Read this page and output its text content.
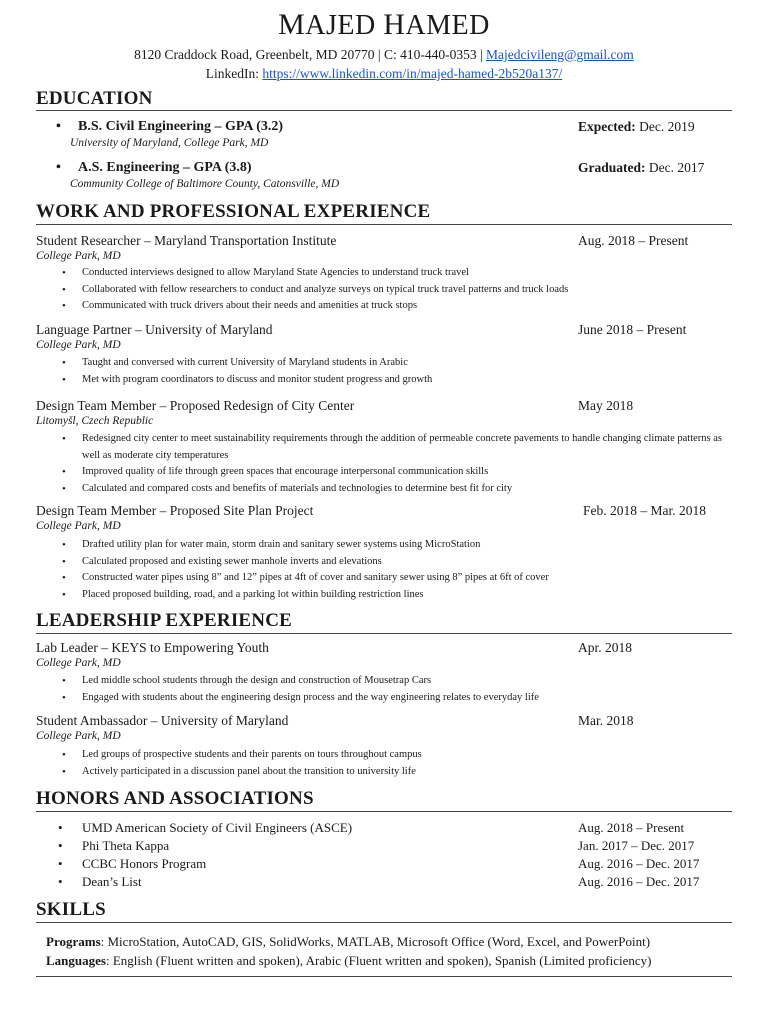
MAJED HAMED
8120 Craddock Road, Greenbelt, MD 20770 | C: 410-440-0353 | Majedcivileng@gmail.com
LinkedIn: https://www.linkedin.com/in/majed-hamed-2b520a137/
EDUCATION
• B.S. Civil Engineering – GPA (3.2)	Expected: Dec. 2019
University of Maryland, College Park, MD
• A.S. Engineering – GPA (3.8)	Graduated: Dec. 2017
Community College of Baltimore County, Catonsville, MD
WORK AND PROFESSIONAL EXPERIENCE
Student Researcher – Maryland Transportation Institute	Aug. 2018 – Present
College Park, MD
• Conducted interviews designed to allow Maryland State Agencies to understand truck travel
• Collaborated with fellow researchers to conduct and analyze surveys on typical truck travel patterns and truck loads
• Communicated with truck drivers about their needs and amenities at truck stops
Language Partner – University of Maryland	June 2018 – Present
College Park, MD
• Taught and conversed with current University of Maryland students in Arabic
• Met with program coordinators to discuss and monitor student progress and growth
Design Team Member – Proposed Redesign of City Center	May 2018
Litomyšl, Czech Republic
• Redesigned city center to meet sustainability requirements through the addition of permeable concrete pavements to handle changing climate patterns as well as moderate city temperatures
• Improved quality of life through green spaces that encourage interpersonal communication skills
• Calculated and compared costs and benefits of materials and technologies to determine best fit for city
Design Team Member – Proposed Site Plan Project	Feb. 2018 – Mar. 2018
College Park, MD
• Drafted utility plan for water main, storm drain and sanitary sewer systems using MicroStation
• Calculated proposed and existing sewer manhole inverts and elevations
• Constructed water pipes using 8” and 12” pipes at 4ft of cover and sanitary sewer using 8” pipes at 6ft of cover
• Placed proposed building, road, and a parking lot within building restriction lines
LEADERSHIP EXPERIENCE
Lab Leader – KEYS to Empowering Youth	Apr. 2018
College Park, MD
• Led middle school students through the design and construction of Mousetrap Cars
• Engaged with students about the engineering design process and the way engineering relates to everyday life
Student Ambassador – University of Maryland	Mar. 2018
College Park, MD
• Led groups of prospective students and their parents on tours throughout campus
• Actively participated in a discussion panel about the transition to university life
HONORS AND ASSOCIATIONS
• UMD American Society of Civil Engineers (ASCE)	Aug. 2018 – Present
• Phi Theta Kappa	Jan. 2017 – Dec. 2017
• CCBC Honors Program	Aug. 2016 – Dec. 2017
• Dean’s List	Aug. 2016 – Dec. 2017
SKILLS
Programs: MicroStation, AutoCAD, GIS, SolidWorks, MATLAB, Microsoft Office (Word, Excel, and PowerPoint)
Languages: English (Fluent written and spoken), Arabic (Fluent written and spoken), Spanish (Limited proficiency)
